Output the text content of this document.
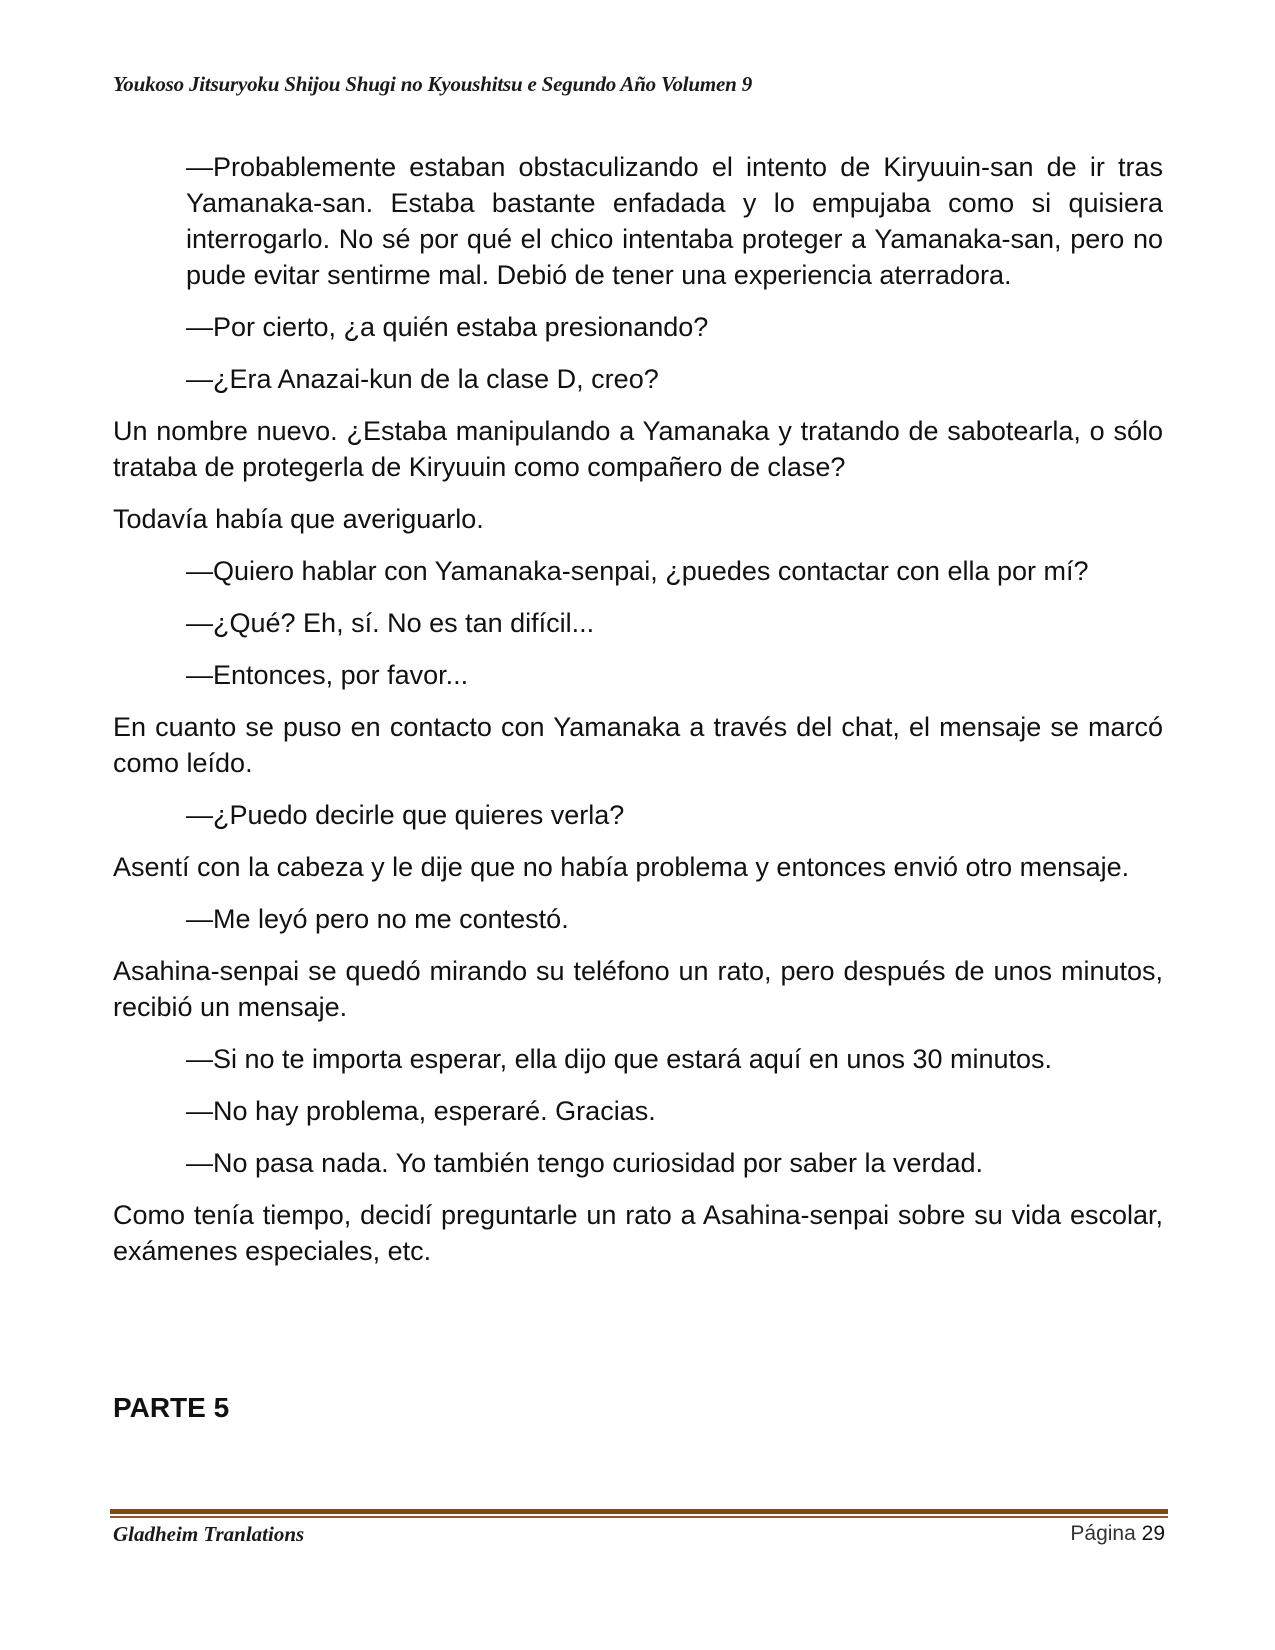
Youkoso Jitsuryoku Shijou Shugi no Kyoushitsu e Segundo Año Volumen 9

—Probablemente estaban obstaculizando el intento de Kiryuuin-san de ir tras Yamanaka-san. Estaba bastante enfadada y lo empujaba como si quisiera interrogarlo. No sé por qué el chico intentaba proteger a Yamanaka-san, pero no pude evitar sentirme mal. Debió de tener una experiencia aterradora.

—Por cierto, ¿a quién estaba presionando?

—¿Era Anazai-kun de la clase D, creo?

Un nombre nuevo. ¿Estaba manipulando a Yamanaka y tratando de sabotearla, o sólo trataba de protegerla de Kiryuuin como compañero de clase?

Todavía había que averiguarlo.

—Quiero hablar con Yamanaka-senpai, ¿puedes contactar con ella por mí?

—¿Qué? Eh, sí. No es tan difícil...

—Entonces, por favor...

En cuanto se puso en contacto con Yamanaka a través del chat, el mensaje se marcó como leído.

—¿Puedo decirle que quieres verla?

Asentí con la cabeza y le dije que no había problema y entonces envió otro mensaje.

—Me leyó pero no me contestó.

Asahina-senpai se quedó mirando su teléfono un rato, pero después de unos minutos, recibió un mensaje.

—Si no te importa esperar, ella dijo que estará aquí en unos 30 minutos.

—No hay problema, esperaré. Gracias.

—No pasa nada. Yo también tengo curiosidad por saber la verdad.

Como tenía tiempo, decidí preguntarle un rato a Asahina-senpai sobre su vida escolar, exámenes especiales, etc.

PARTE 5
Gladheim Tranlations	Página 29
